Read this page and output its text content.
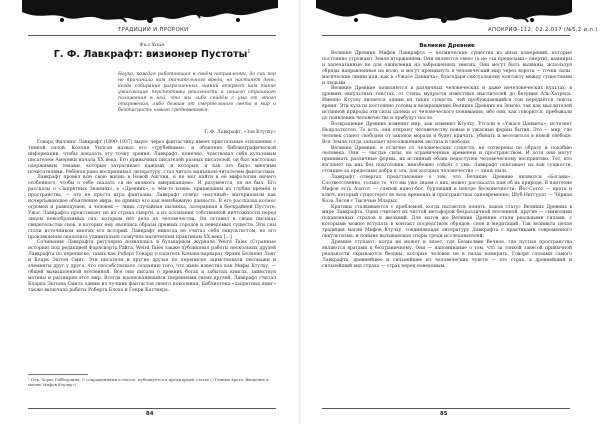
ТРАДИЦИИ И ПРОРОКИ
Фил Хайн
Г. Ф. Лавкрафт: визионер Пустоты$^1$
Наука, каждая работающая в своём направлении, до сих пор не причинила нам значительного вреда; но настанет день, когда собирание разрозненных знаний откроет нам такие ужасающие перспективы реальности и нашего страшного положения в ней, что мы либо сойдём с ума от этого откровения, либо бежим от смертельного света в мир и безопасность нового средневековья.
Г. Ф. Лавкрафт, «Зов Ктулху»

Говард Филлипс Лавкрафт (1890–1937) вырос через фантастику имеет пристальные отношения с темной силой. Коллин Уилсон назвал его «грубейшим», и обличено библиографической информации, чтобы доказать эту точку зрения. Лавкрафт, конечно, чувствовал себя культовым писателем Америки начала XX века. Его привычных писателей разных писателей, он был настолько одержимым темами, которые затрагивает каждый, и которые, и как это было многими почитателями. Ребёнок рано воспринимал литературу, стал читать маньяком-читателем фантастики.

Лавкрафт провёл всю свою жизнь в Новой Англии, и не мог найти в её мифологии ничего особенного, чтобы о себе сказать «я не являюсь американцем». И разумеется, он не был. Его рассказы о «Запретных Знаниях», о «Древних», о чём-то извне, пришедшем из глубин времён и пространства, — это не просто игра фантазии. Лавкрафт отверг «научный» материализм как исчерпывающее объяснение мира, но принял его как неизбежную данность. В его рассказах космос огромен и равнодушен, а человек — лишь случайная пылинка, затерянная в бескрайней Пустоте. Ужас Лавкрафта проистекает не из страха смерти, а из осознания собственной ничтожности перед лицом невообразимых сил, которым нет дела до человечества. Он оставил в своих письмах свидетельства снов, в которых ему являлись образы древних городов и неведомых существ. Эти сны стали источником многих его историй. Лавкрафт никогда не считал себя оккультистом, но его произведения оказались удивительно созвучны магическим практикам XX века […]

Сочинения Лавкрафта регулярно появлялись в бульварном журнале Weird Tales (Странные истории) под редакцией Фарнсворта Райта. Weird Tales также публиковал работы нескольких друзей Лавкрафта по переписке, таких как Роберт Говард (создатель Конана-варвара), Фрэнк Белкнэп Лонг и Кларк Эштон Смит. Эти писатели и другие друзья по переписке заимствовали песонажи и элементы друг у друга, что способствовало созданию того, что ныне известно как Мифы Ктулху, — общей вымышленной вселенной. Все они писали о древних богах и забытых книгах, заимствуя мотивы и расширяя этот мир. Всегда вдохновлявшийся творениями своих друзей, Лавкрафт считал Кларка Эштона Смита одним из лучших фантастов своего поколения. Библиотека «запретных книг» также включала работы Роберта Блоха и Генри Каттнера.

¹ Пер. Хорхе Гибберлинк. С сокращениями в тексте, публикуется в предыдущей статье («Темные врата: Введение в магию Мифов Ктулху»).
84
АПОКРИФ-112: 02.2.017 (№5,2 и.п.)
Великие Древние

Великие Древние Мифов Лавкрафта — космические существа из иных измерений, которые постоянно угрожают Земле вторжением. Они являются «вне» (а не «за пределами» смерти), вампиры и запечатанные не для оживления на заброшенных землях. Они могут быть вызваны, используя обряды направленные на волю, и могут проникнуть в человеческий мир через ворота — точки силы, магические линии или, как в «Ужасе Данвича», благодаря сексуальному контакту между существами и людьми.

Великие Древние появляются в различных человеческих и даже нечеловеческих культах, в древних оккультных текстах, от стены мудрости известных мыслителей до безумия Аль-Хазреда. Именно Ктулху является одним из таких существ, чей пробуждающийся сон передаётся сквозь время. Эти культы постоянно готовы к возвращению Великих Древних на Землю, так как мыслителей истинной природы эти силы далеки от человеческого понимания, ибо они, как говорится, пребывали до появления человечества и пребудут после.

Возвращение Древних изменит мир, как изменит Ктулху, Утгали в «Ужасе Данвича», исчезнет Ньярлатхотеп. То есть, они откроют человечеству новые и ужасные формы бытия. Это — мир, где человек станет свободен от законов морали и будет кричать, убивать и веселиться в новой свободе. Вся Земля тогда запылает всесожжением экстаза и свободы.

Великие Древние, в отличие от человеческих существ, не сотворены по образу и подобию человека. Они — чистые силы, не ограниченные временем и пространством. И хотя они могут принимать различные формы, их истинный облик недоступен человеческому восприятию. Тот, кто взглянет на них без подготовки, неизбежно сойдёт с ума. Лавкрафт описывает их как сущности, стоящие за пределами добра и зла, для которых человечество — лишь пыль.

Лавкрафт отвергал представление о том, что Великие Древние являются «Богами». Соответственно, только то, что мы уже знаем о них, может рассказать нам об их природе. В пантеоне Мифов есть Азатот — слепой идиот-бог, бурлящий в центре бесконечности; Йог-Сотот — врата и ключ, который существует во всех временах и пространствах одновременно; Шуб-Ниггурат — Чёрная Коза Лесов с Тысячью Младых.

Критики сталкиваются с проблемой, когда пытаются понять, каков статус Великих Древних в мире Лавкрафта. Одни считают их чистой метафорой безразличной вселенной, другие — символами подавленных страхов и желаний. Для магов же Великие Древние стали реальными силами, с которыми можно вступать в контакт посредством обрядов, снов и медитаций. Так возникла целая традиция магии Мифов Ктулху, соединяющая литературу Лавкрафта с практиками современного оккультизма, и поныне вызывающая споры среди исследователей.

Древние ступают, когда не может и знает, где Безмолвие Вечное, где пустые пространства являются вратами к безграничному. Они — напоминание о том, что за тонкой завесой привычной реальности скрываются бездны, которые человек не в силах измерить. Говоря словами самого Лавкрафта, древнейшее и сильнейшее из человеческих чувств — это страх, а древнейший и сильнейший вид страха — страх перед неведомым.

85
